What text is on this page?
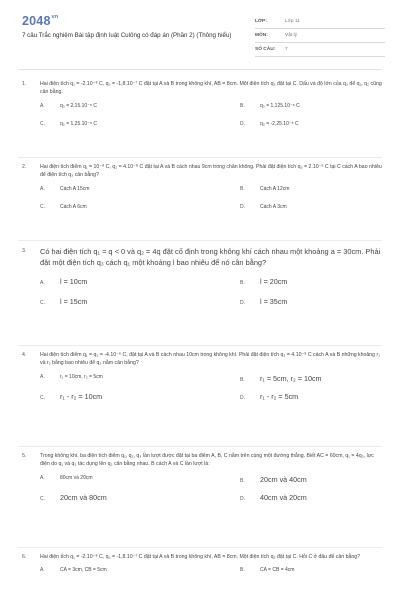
$2048^{vn}$
7 câu Trắc nghiệm Bài tập định luật Culông có đáp án (Phần 2) (Thông hiểu)
LỚP:	Lớp 11
MÔN:	Vật lý
SỐ CÂU: 7
1.	Hai điện tích q₁ = -2.10⁻⁸ C, q₂ = -1,8.10⁻⁷ C đặt tại A và B trong không khí, AB = 8cm. Một điện tích q₃ đặt tại C. Dấu và độ lớn của q₃ để q₁, q₂ cũng cân bằng.
A.	q₃ = 2,15.10⁻⁸ C	B.	q₃ = 1,125.10⁻⁸ C
C.	q₃ = 1,25.10⁻⁸ C	D.	q₃ = -2,25.10⁻⁸ C
2.	Hai điện tích điểm q₁ = 10⁻⁸ C, q₂ = 4.10⁻⁸ C đặt tại A và B cách nhau 9cm trong chân không. Phải đặt điện tích q₃ = 2.10⁻⁶ C tại C cách A bao nhiêu để điện tích q₃ cân bằng?
A.	Cách A 15cm	B.	Cách A 12cm
C.	Cách A 6cm	D.	Cách A 3cm
3. Có hai điện tích q₁ = q < 0 và q₂ = 4q đặt cố định trong không khí cách nhau một khoảng a = 30cm. Phải đặt một điện tích q₃ cách q₁ một khoảng l bao nhiêu để nó cân bằng?
A. l = 10cm	B. l = 20cm
C. l = 15cm	D. l = 35cm
4.	Hai điện tích điểm q₁ = q₂ = -4.10⁻⁶ C, đặt tại A và B cách nhau 10cm trong không khí. Phải đặt điện tích q₃ = 4.10⁻⁸ C cách A và B những khoảng r₁ và r₂ bằng bao nhiêu để q₃ nằm cân bằng?
A.	r₁ = 10cm, r₂ = 5cm	B. r₁ = 5cm, r₂ = 10cm
C. r₁ - r₂ = 10cm	D. r₁ - r₂ = 5cm
5.	Trong không khí, ba điện tích điểm q₁, q₂, q₃ lần lượt được đặt tại ba điểm A, B, C nằm trên cùng một đường thẳng. Biết AC = 60cm, q₁ = 4q₃, lực điện do q₁ và q₃ tác dụng lên q₂ cân bằng nhau. B cách A và C lần lượt là:
A.	80cm và 20cm	B. 20cm và 40cm
C. 20cm và 80cm	D. 40cm và 20cm
6.	Hai điện tích q₁ = -2.10⁻⁸ C, q₂ = -1,8.10⁻⁷ C đặt tại A và B trong không khí, AB = 8cm. Một điện tích q₃ đặt tại C. Hỏi C ở đâu để cân bằng?
A.	CA = 3cm, CB = 5cm	B.	CA = CB = 4cm
